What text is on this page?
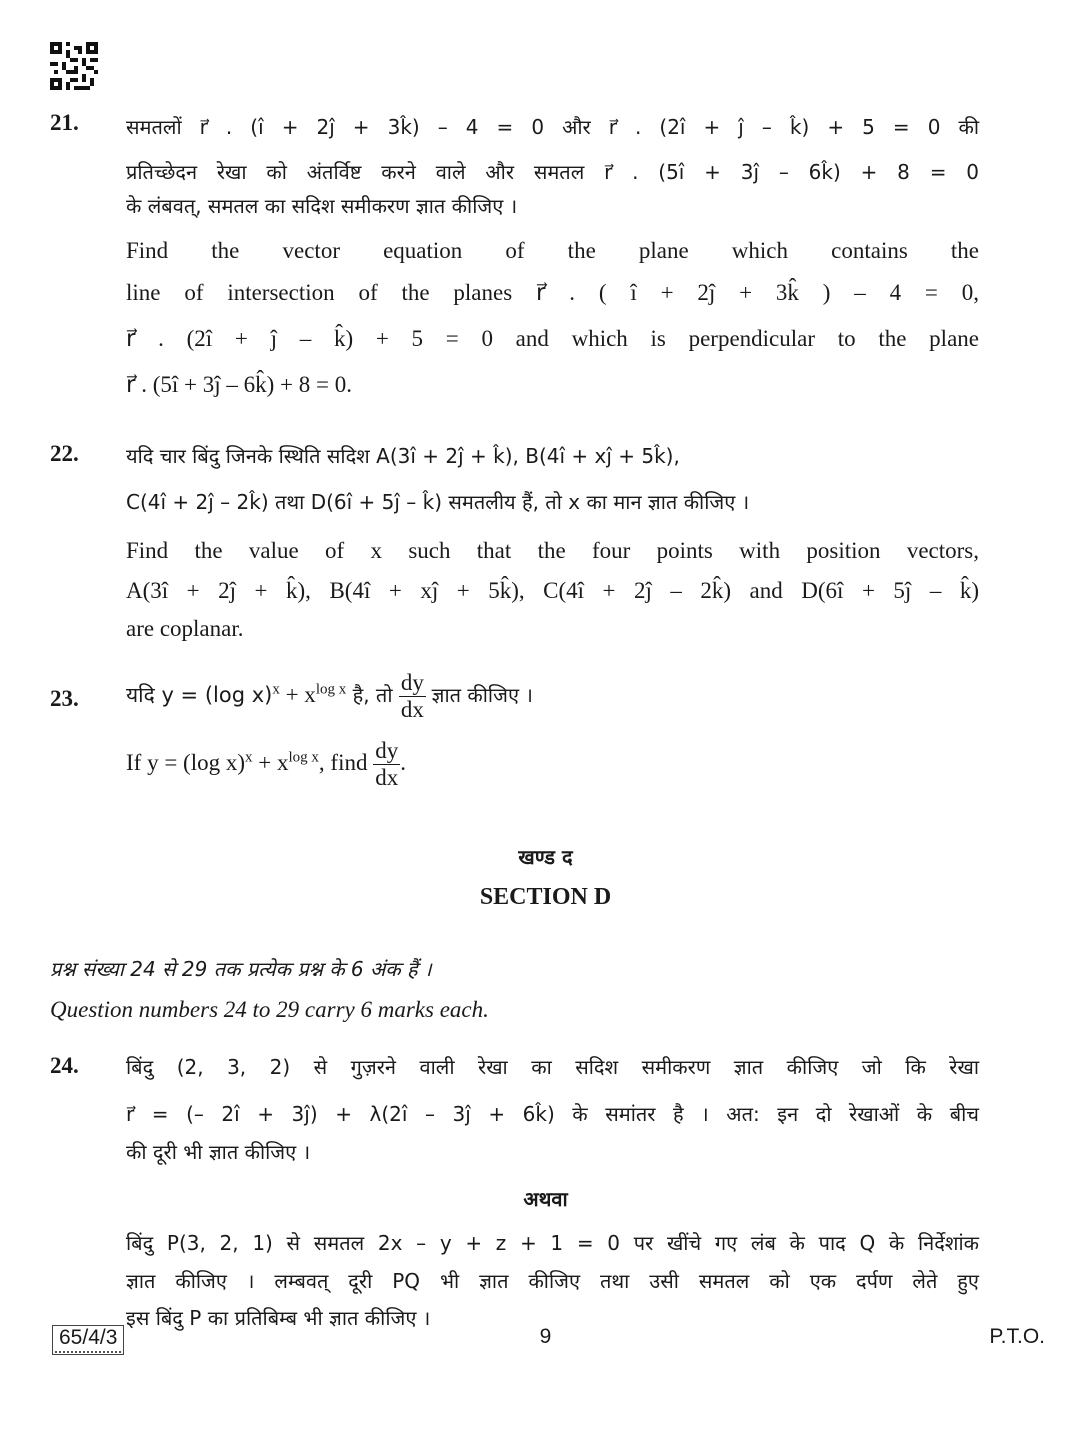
21. समतलों r⃗ . (î + 2ĵ + 3k̂) – 4 = 0 और r⃗ . (2î + ĵ – k̂) + 5 = 0 की
प्रतिच्छेदन रेखा को अंतर्विष्ट करने वाले और समतल r⃗ . (5î + 3ĵ – 6k̂) + 8 = 0
के लंबवत्, समतल का सदिश समीकरण ज्ञात कीजिए ।
Find the vector equation of the plane which contains the
line of intersection of the planes r⃗ . ( î + 2ĵ + 3k̂ ) – 4 = 0,
r⃗ . (2î + ĵ – k̂) + 5 = 0 and which is perpendicular to the plane
r⃗ . (5î + 3ĵ – 6k̂) + 8 = 0.
22. यदि चार बिंदु जिनके स्थिति सदिश A(3î + 2ĵ + k̂), B(4î + xĵ + 5k̂),
C(4î + 2ĵ – 2k̂) तथा D(6î + 5ĵ – k̂) समतलीय हैं, तो x का मान ज्ञात कीजिए ।
Find the value of x such that the four points with position vectors,
A(3î + 2ĵ + k̂), B(4î + xĵ + 5k̂), C(4î + 2ĵ – 2k̂) and D(6î + 5ĵ – k̂)
are coplanar.
23. यदि y = (log $x)^x + x^{log x}$ है, तो $\frac{dy}{dx}$ ज्ञात कीजिए ।
If y = (log $x)^x + x^{log x}$, find $\frac{dy}{dx}$ .
खण्ड द
SECTION D
प्रश्न संख्या 24 से 29 तक प्रत्येक प्रश्न के 6 अंक हैं ।
Question numbers 24 to 29 carry 6 marks each.
24. बिंदु (2, 3, 2) से गुज़रने वाली रेखा का सदिश समीकरण ज्ञात कीजिए जो कि रेखा
r⃗ = (– 2î + 3ĵ) + λ(2î – 3ĵ + 6k̂) के समांतर है । अत: इन दो रेखाओं के बीच
की दूरी भी ज्ञात कीजिए ।
अथवा
बिंदु P(3, 2, 1) से समतल 2x – y + z + 1 = 0 पर खींचे गए लंब के पाद Q के निर्देशांक
ज्ञात कीजिए । लम्बवत् दूरी PQ भी ज्ञात कीजिए तथा उसी समतल को एक दर्पण लेते हुए
इस बिंदु P का प्रतिबिम्ब भी ज्ञात कीजिए ।
65/4/3	9	P.T.O.
